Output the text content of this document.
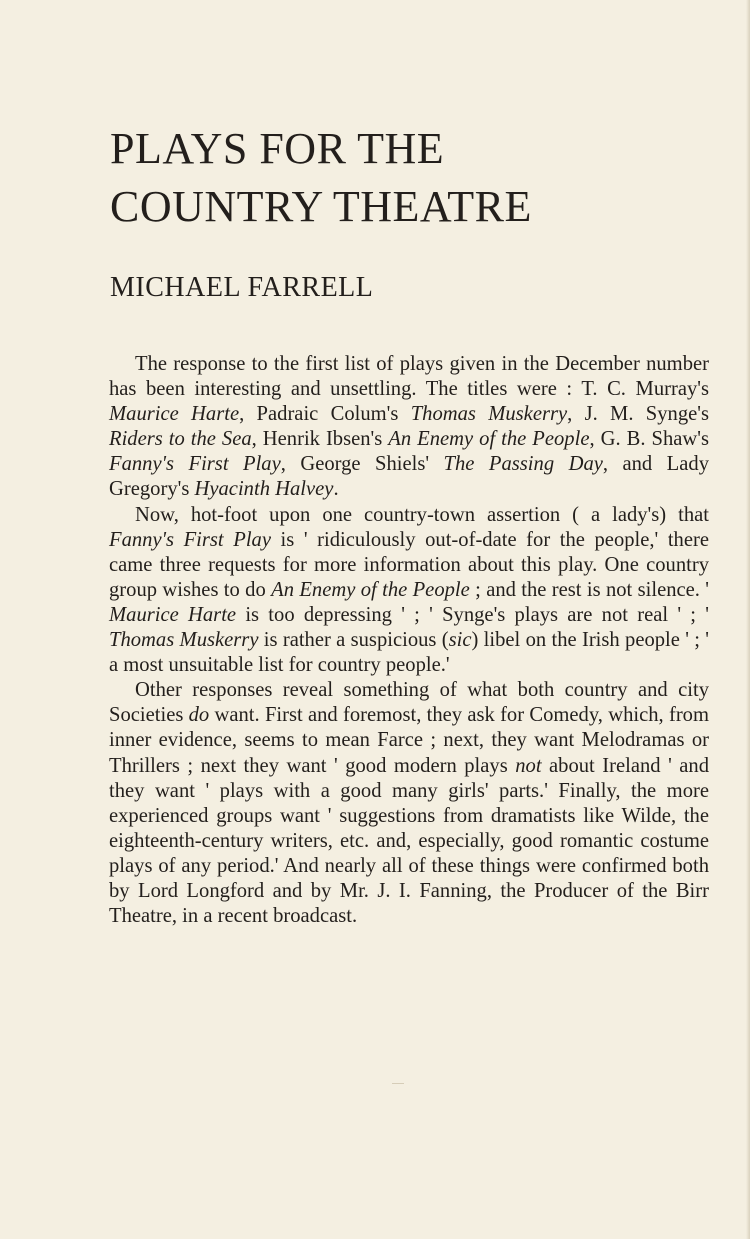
PLAYS FOR THE
COUNTRY THEATRE
MICHAEL FARRELL

The response to the first list of plays given in the December number has been interesting and unsettling. The titles were : T. C. Murray's Maurice Harte, Padraic Colum's Thomas Muskerry, J. M. Synge's Riders to the Sea, Henrik Ibsen's An Enemy of the People, G. B. Shaw's Fanny's First Play, George Shiels' The Passing Day, and Lady Gregory's Hyacinth Halvey.

Now, hot-foot upon one country-town assertion ( a lady's) that Fanny's First Play is ' ridiculously out-of-date for the people,' there came three requests for more information about this play. One country group wishes to do An Enemy of the People ; and the rest is not silence. ' Maurice Harte is too depressing ' ; ' Synge's plays are not real ' ; ' Thomas Muskerry is rather a suspicious (sic) libel on the Irish people ' ; ' a most unsuitable list for country people.'

Other responses reveal something of what both country and city Societies do want. First and foremost, they ask for Comedy, which, from inner evidence, seems to mean Farce ; next, they want Melodramas or Thrillers ; next they want ' good modern plays not about Ireland ' and they want ' plays with a good many girls' parts.' Finally, the more experienced groups want ' suggestions from dramatists like Wilde, the eighteenth-century writers, etc. and, especially, good romantic costume plays of any period.' And nearly all of these things were confirmed both by Lord Longford and by Mr. J. I. Fanning, the Producer of the Birr Theatre, in a recent broadcast.
